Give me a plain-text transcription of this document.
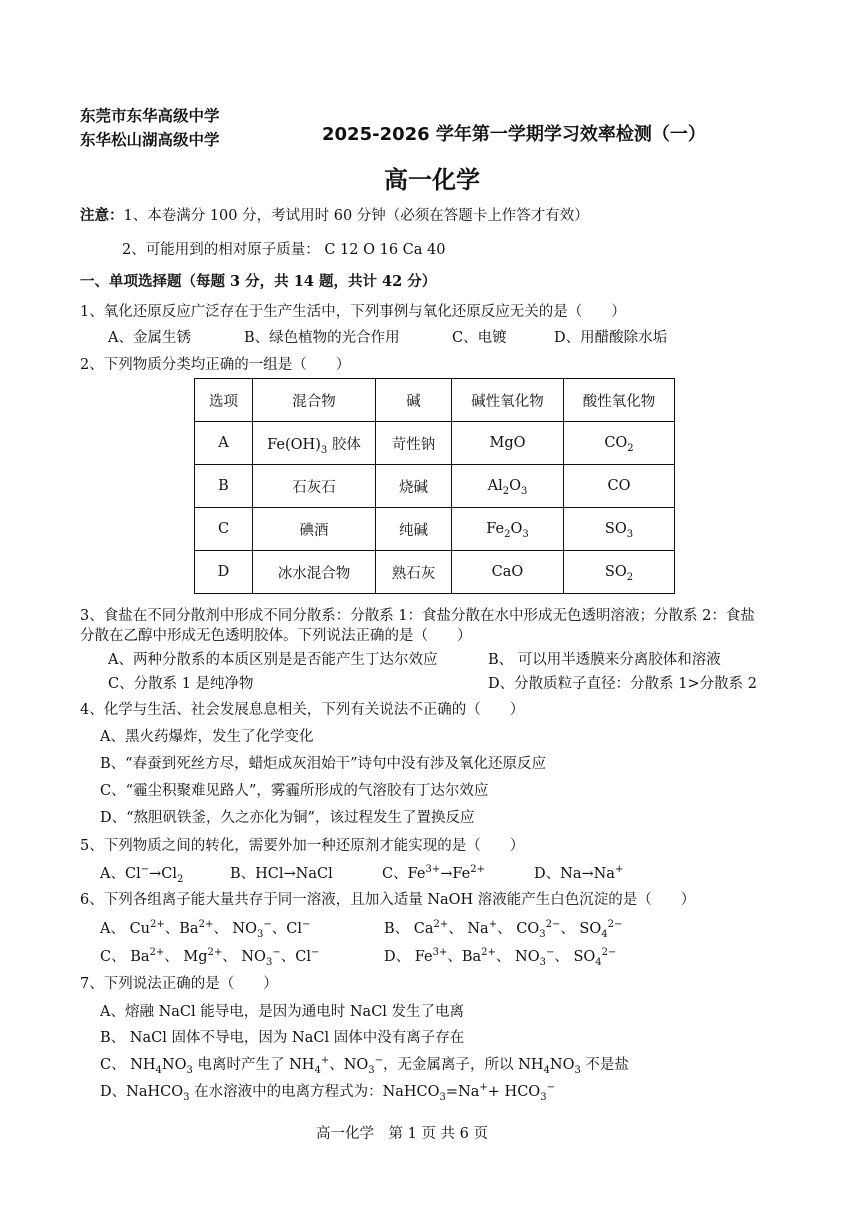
东莞市东华高级中学
东华松山湖高级中学	2025-2026 学年第一学期学习效率检测（一）
高一化学
注意：1、本卷满分 100 分，考试用时 60 分钟（必须在答题卡上作答才有效）
2、可能用到的相对原子质量： C 12 O 16 Ca 40
一、单项选择题（每题 3 分，共 14 题，共计 42 分）
1、氧化还原反应广泛存在于生产生活中，下列事例与氧化还原反应无关的是（　　）
A、金属生锈	B、绿色植物的光合作用	C、电镀	D、用醋酸除水垢
2、下列物质分类均正确的一组是（　　）
选项	混合物	碱	碱性氧化物	酸性氧化物
A	$Fe(OH)_3$ 胶体	苛性钠	MgO	$CO_2$
B	石灰石	烧碱	$Al_2O_3$	CO
C	碘酒	纯碱	$Fe_2O_3$	$SO_3$
D	冰水混合物	熟石灰	CaO	$SO_2$
3、食盐在不同分散剂中形成不同分散系：分散系 1：食盐分散在水中形成无色透明溶液；分散系 2：食盐
分散在乙醇中形成无色透明胶体。下列说法正确的是（　　）
A、两种分散系的本质区别是是否能产生丁达尔效应	B、 可以用半透膜来分离胶体和溶液
C、分散系 1 是纯净物	D、分散质粒子直径：分散系 1>分散系 2
4、化学与生活、社会发展息息相关，下列有关说法不正确的（　　）
A、黑火药爆炸，发生了化学变化
B、“春蚕到死丝方尽，蜡炬成灰泪始干”诗句中没有涉及氧化还原反应
C、“霾尘积聚难见路人”，雾霾所形成的气溶胶有丁达尔效应
D、“熬胆矾铁釜，久之亦化为铜”，该过程发生了置换反应
5、下列物质之间的转化，需要外加一种还原剂才能实现的是（　　）
A、$Cl^-\to Cl_2$	B、HCl→NaCl	C、$Fe^{3+}\to Fe^{2+}$	D、Na→Na+
6、下列各组离子能大量共存于同一溶液，且加入适量 NaOH 溶液能产生白色沉淀的是（　　）
A、 $Cu^{2+}$、$Ba^{2+}$、 $NO_3^-$、Cl−	B、 $Ca^{2+}$、 Na+、 $CO_3^{2-}$、 $SO_4^{2-}$
C、 $Ba^{2+}$、 $Mg^{2+}$、 $NO_3^-$、Cl−	D、 $Fe^{3+}$、$Ba^{2+}$、 $NO_3^-$、 $SO_4^{2-}$
7、下列说法正确的是（　　）
A、熔融 NaCl 能导电，是因为通电时 NaCl 发生了电离
B、 NaCl 固体不导电，因为 NaCl 固体中没有离子存在
C、 $NH_4NO_3$ 电离时产生了 $NH_4^+$、$NO_3^-$，无金属离子，所以 $NH_4NO_3$ 不是盐
D、NaHCO$_3$ 在水溶液中的电离方程式为：NaHCO$_3$=Na++ $HCO_3^-$
高一化学　第 1 页 共 6 页
